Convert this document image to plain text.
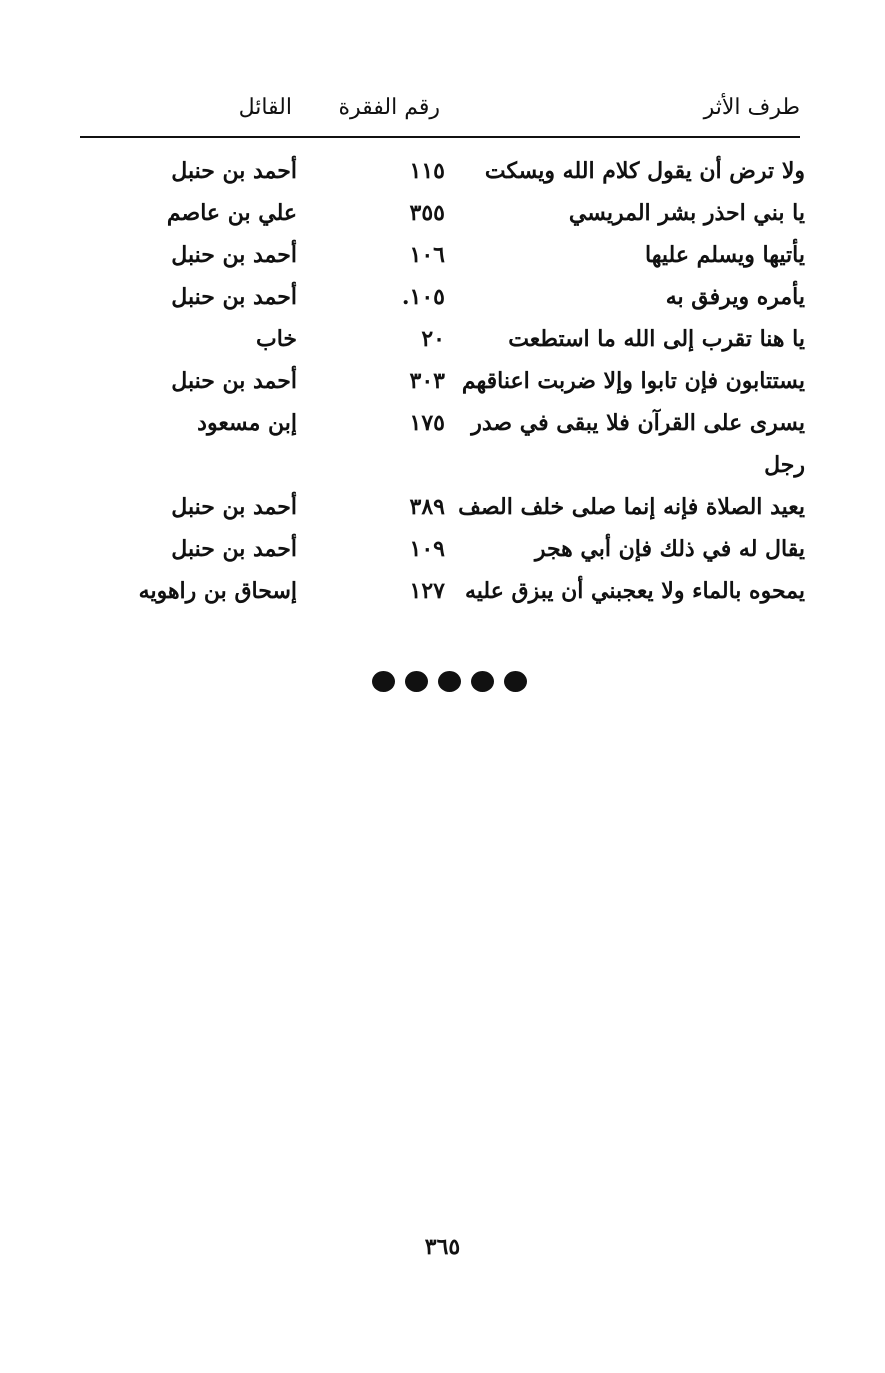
طرف الأثر
رقم الفقرة
القائل
ولا ترض أن يقول كلام الله ويسكت
١١٥
أحمد بن حنبل
يا بني احذر بشر المريسي
٣٥٥
علي بن عاصم
يأتيها ويسلم عليها
١٠٦
أحمد بن حنبل
يأمره ويرفق به
١٠٥.
أحمد بن حنبل
يا هنا تقرب إلى الله ما استطعت
٢٠
خاب
يستتابون فإن تابوا وإلا ضربت اعناقهم
٣٠٣
أحمد بن حنبل
يسرى على القرآن فلا يبقى في صدر
١٧٥
إبن مسعود
رجل
يعيد الصلاة فإنه إنما صلى خلف الصف
٣٨٩
أحمد بن حنبل
يقال له في ذلك فإن أبي هجر
١٠٩
أحمد بن حنبل
يمحوه بالماء ولا يعجبني أن يبزق عليه
١٢٧
إسحاق بن راهويه
٣٦٥
